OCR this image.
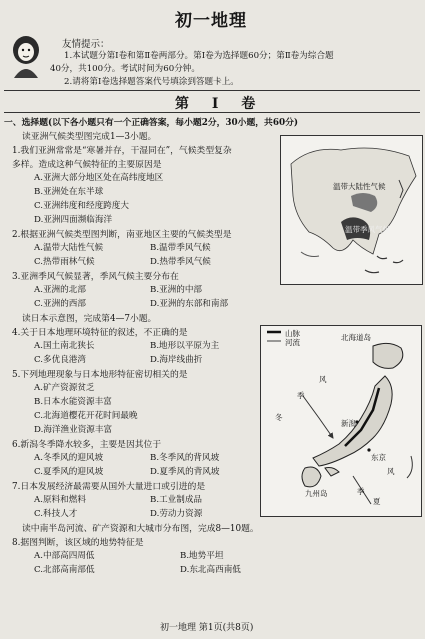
初一地理
友情提示：
1.本试题分第Ⅰ卷和第Ⅱ卷两部分。第Ⅰ卷为选择题60分；第Ⅱ卷为综合题
40分，共100分。考试时间为60分钟。
2.请将第Ⅰ卷选择题答案代号填涂到答题卡上。
第 Ⅰ 卷
一、选择题(以下各小题只有一个正确答案，每小题2分，30小题，共60分)
读亚洲气候类型图完成1—3小题。
1.我们亚洲常常是“寒暑并存，干湿同在”，气候类型复杂
多样。造成这种气候特征的主要原因是
A.亚洲大部分地区处在高纬度地区
B.亚洲处在东半球
C.亚洲纬度和经度跨度大
D.亚洲四面濒临海洋
2.根据亚洲气候类型图判断，南亚地区主要的气候类型是
A.温带大陆性气候	B.温带季风气候
C.热带雨林气候	D.热带季风气候
3.亚洲季风气候显著，季风气候主要分布在
A.亚洲的北部	B.亚洲的中部
C.亚洲的西部	D.亚洲的东部和南部
读日本示意图，完成第4—7小题。
4.关于日本地理环境特征的叙述，不正确的是
A.国土南北狭长	B.地形以平原为主
C.多优良港湾	D.海岸线曲折
5.下列地理现象与日本地形特征密切相关的是
A.矿产资源贫乏
B.日本水能资源丰富
C.北海道樱花开花时间最晚
D.海洋渔业资源丰富
6.新潟冬季降水较多，主要是因其位于
A.冬季风的迎风坡	B.冬季风的背风坡
C.夏季风的迎风坡	D.夏季风的背风坡
7.日本发展经济最需要从国外大量进口或引进的是
A.原料和燃料	B.工业制成品
C.科技人才	D.劳动力资源
读中南半岛河流、矿产资源和大城市分布图，完成8—10题。
8.据图判断，该区域的地势特征是
A.中部高四周低	B.地势平坦
C.北部高南部低	D.东北高西南低
温带大陆性气候
温带季风气候
山脉
河流
北海道岛
风
季
冬
新潟
东京
九州岛
夏
风
季
初一地理 第1页(共8页)
